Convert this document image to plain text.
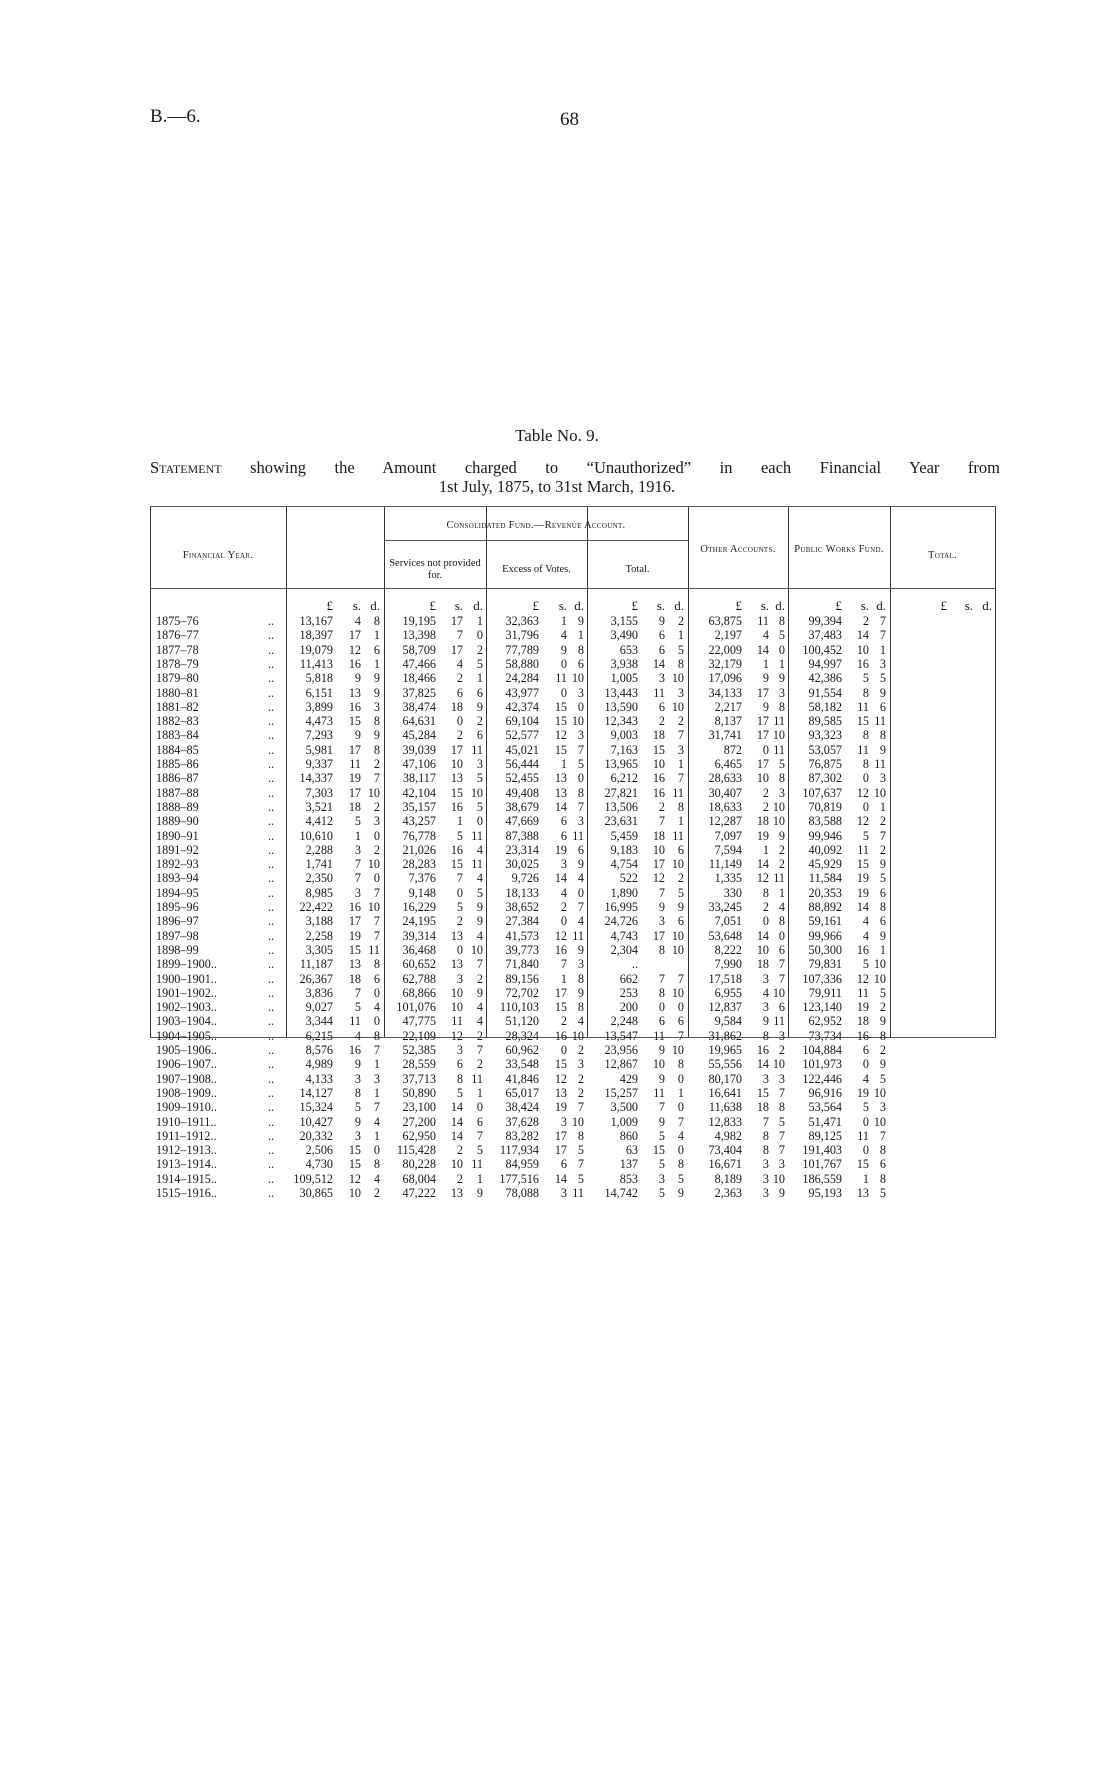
B.—6.	68
Table No. 9.
Statement showing the Amount charged to “Unauthorized” in each Financial Year from
1st July, 1875, to 31st March, 1916.
Financial Year.
Consolidated Fund.—Revenue Account.
Services not provided for.
Excess of Votes.	Total.
Other Accounts.	Public Works Fund.
Total.
£	s. d.	£	s. d.	£	s. d.	£	s. d.	£	s. d.	£	s. d.	£	s. d.
1875–76	..	13,167	4	8	19,195	17	1	32,363	1 9	3,155	9	2	63,875	11 8	99,394	2 7
1876–77	..	18,397	17	1	13,398	7	0	31,796	4 1	3,490	6	1	2,197	4 5	37,483	14 7
1877–78	..	19,079	12	6	58,709	17	2	77,789	9 8	653	6	5	22,009	14 0	100,452	10 1
1878–79	..	11,413	16	1	47,466	4	5	58,880	0 6	3,938	14	8	32,179	1 1	94,997	16 3
1879–80	..	5,818	9	9	18,466	2	1	24,284	11 10	1,005	3 10	17,096	9 9	42,386	5 5
1880–81	..	6,151	13	9	37,825	6	6	43,977	0 3	13,443	11	3	34,133	17 3	91,554	8 9
1881–82	..	3,899	16	3	38,474	18	9	42,374	15 0	13,590	6 10	2,217	9 8	58,182	11 6
1882–83	..	4,473	15	8	64,631	0	2	69,104	15 10	12,343	2	2	8,137	17 11	89,585	15 11
1883–84	..	7,293	9	9	45,284	2	6	52,577	12 3	9,003	18	7	31,741	17 10	93,323	8 8
1884–85	..	5,981	17	8	39,039	17 11	45,021	15 7	7,163	15	3	872	0 11	53,057	11 9
1885–86	..	9,337	11	2	47,106	10	3	56,444	1 5	13,965	10	1	6,465	17 5	76,875	8 11
1886–87	..	14,337	19	7	38,117	13	5	52,455	13 0	6,212	16	7	28,633	10 8	87,302	0 3
1887–88	..	7,303	17 10	42,104	15 10	49,408	13 8	27,821	16 11	30,407	2 3	107,637	12 10
1888–89	..	3,521	18	2	35,157	16	5	38,679	14 7	13,506	2	8	18,633	2 10	70,819	0 1
1889–90	..	4,412	5	3	43,257	1	0	47,669	6 3	23,631	7	1	12,287	18 10	83,588	12 2
1890–91	..	10,610	1	0	76,778	5 11	87,388	6 11	5,459	18 11	7,097	19 9	99,946	5 7
1891–92	..	2,288	3	2	21,026	16	4	23,314	19 6	9,183	10	6	7,594	1 2	40,092	11 2
1892–93	..	1,741	7 10	28,283	15 11	30,025	3 9	4,754	17 10	11,149	14 2	45,929	15 9
1893–94	..	2,350	7	0	7,376	7	4	9,726	14 4	522	12	2	1,335	12 11	11,584	19 5
1894–95	..	8,985	3	7	9,148	0	5	18,133	4 0	1,890	7	5	330	8 1	20,353	19 6
1895–96	..	22,422	16 10	16,229	5	9	38,652	2 7	16,995	9	9	33,245	2 4	88,892	14 8
1896–97	..	3,188	17	7	24,195	2	9	27,384	0 4	24,726	3	6	7,051	0 8	59,161	4 6
1897–98	..	2,258	19	7	39,314	13	4	41,573	12 11	4,743	17 10	53,648	14 0	99,966	4 9
1898–99	..	3,305	15 11	36,468	0 10	39,773	16 9	2,304	8 10	8,222	10 6	50,300	16 1
1899–1900..	..	11,187	13	8	60,652	13	7	71,840	7 3	..	7,990	18 7	79,831	5 10
1900–1901..	..	26,367	18	6	62,788	3	2	89,156	1 8	662	7	7	17,518	3 7	107,336	12 10
1901–1902..	..	3,836	7	0	68,866	10	9	72,702	17 9	253	8 10	6,955	4 10	79,911	11 5
1902–1903..	..	9,027	5	4	101,076	10	4	110,103	15 8	200	0	0	12,837	3 6	123,140	19 2
1903–1904..	..	3,344	11	0	47,775	11	4	51,120	2 4	2,248	6	6	9,584	9 11	62,952	18 9
1904–1905..	..	6,215	4	8	22,109	12	2	28,324	16 10	13,547	11	7	31,862	8 3	73,734	16 8
1905–1906..	..	8,576	16	7	52,385	3	7	60,962	0 2	23,956	9 10	19,965	16 2	104,884	6 2
1906–1907..	..	4,989	9	1	28,559	6	2	33,548	15 3	12,867	10	8	55,556	14 10	101,973	0 9
1907–1908..	..	4,133	3	3	37,713	8 11	41,846	12 2	429	9	0	80,170	3 3	122,446	4 5
1908–1909..	..	14,127	8	1	50,890	5	1	65,017	13 2	15,257	11	1	16,641	15 7	96,916	19 10
1909–1910..	..	15,324	5	7	23,100	14	0	38,424	19 7	3,500	7	0	11,638	18 8	53,564	5 3
1910–1911..	..	10,427	9	4	27,200	14	6	37,628	3 10	1,009	9	7	12,833	7 5	51,471	0 10
1911–1912..	..	20,332	3	1	62,950	14	7	83,282	17 8	860	5	4	4,982	8 7	89,125	11 7
1912–1913..	..	2,506	15	0	115,428	2	5	117,934	17 5	63	15	0	73,404	8 7	191,403	0 8
1913–1914..	..	4,730	15	8	80,228	10 11	84,959	6 7	137	5	8	16,671	3 3	101,767	15 6
1914–1915..	..	109,512	12	4	68,004	2	1	177,516	14 5	853	3	5	8,189	3 10	186,559	1 8
1515–1916..	..	30,865	10	2	47,222	13	9	78,088	3 11	14,742	5	9	2,363	3 9	95,193	13 5
